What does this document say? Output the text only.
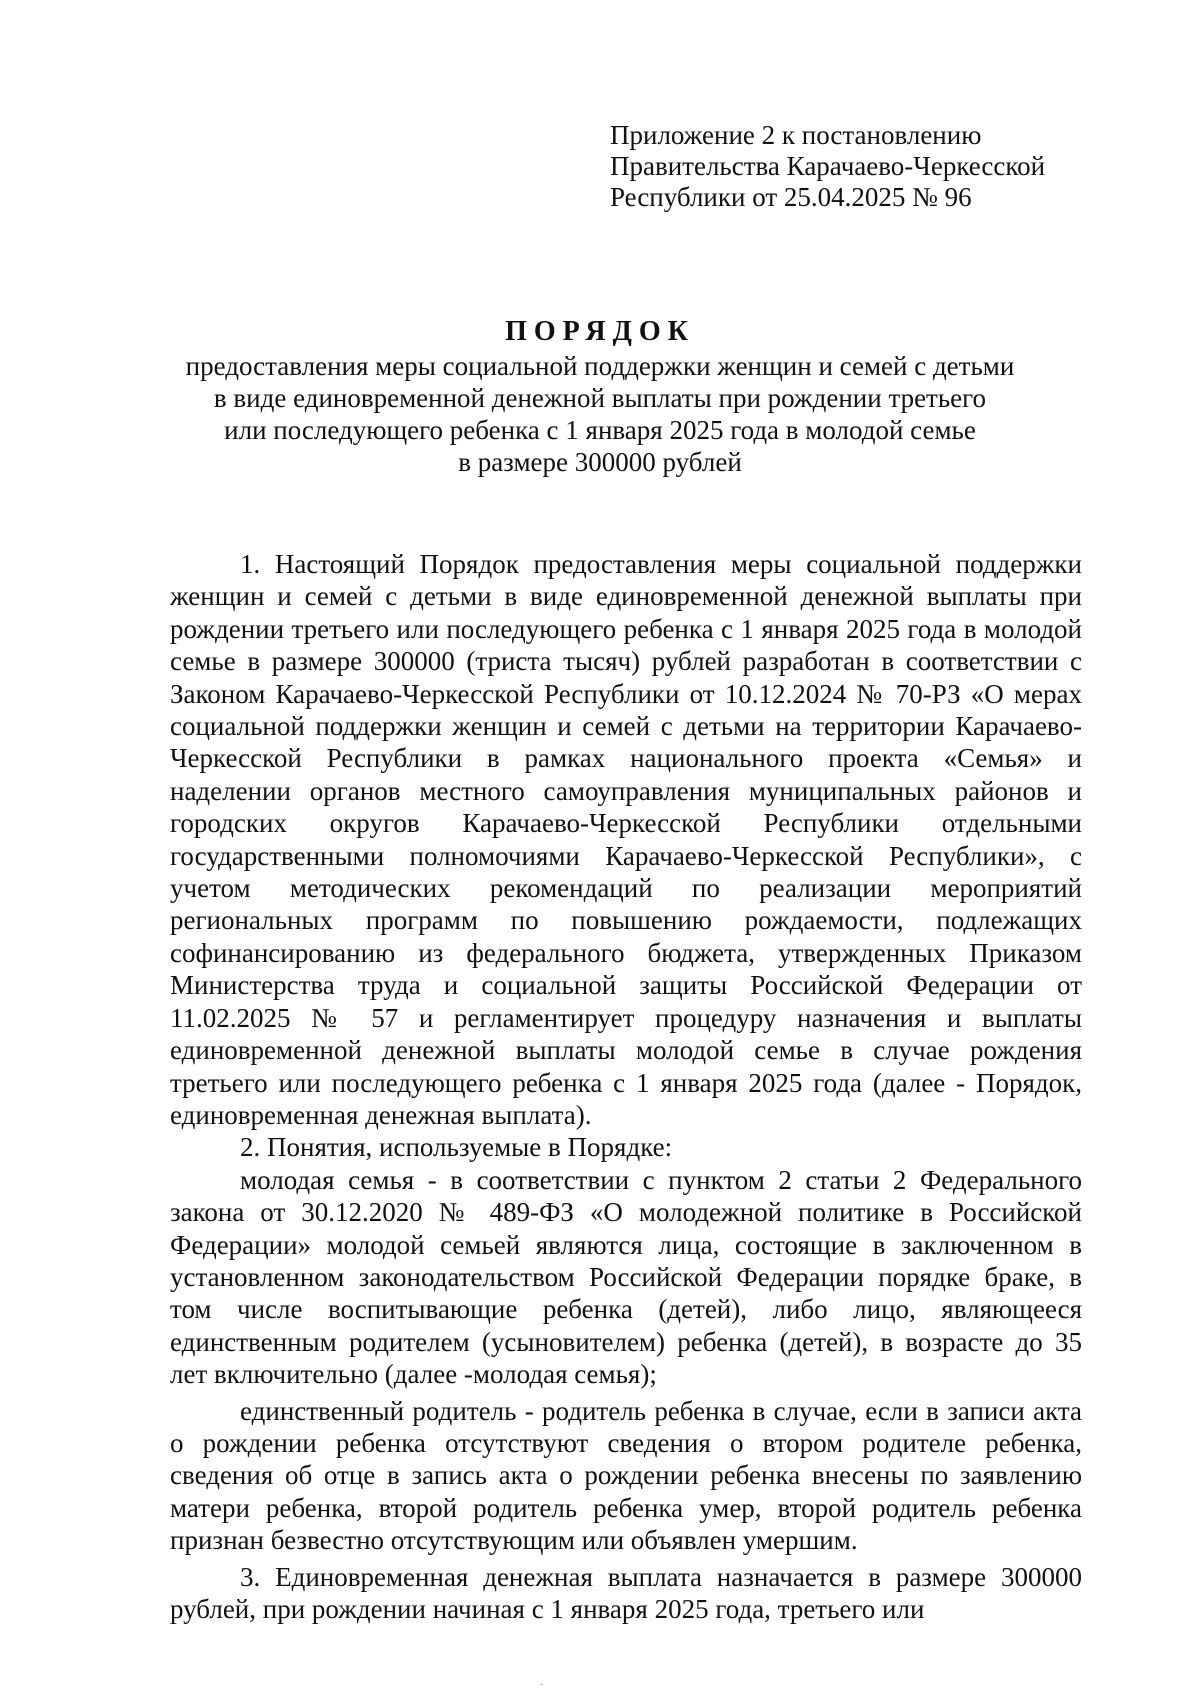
Приложение 2 к постановлению
Правительства Карачаево-Черкесской
Республики от 25.04.2025 № 96
ПОРЯДОК
предоставления меры социальной поддержки женщин и семей с детьми
в виде единовременной денежной выплаты при рождении третьего
или последующего ребенка с 1 января 2025 года в молодой семье
в размере 300000 рублей

1. Настоящий Порядок предоставления меры социальной поддержки женщин и семей с детьми в виде единовременной денежной выплаты при рождении третьего или последующего ребенка с 1 января 2025 года в молодой семье в размере 300000 (триста тысяч) рублей разработан в соответствии с Законом Карачаево-Черкесской Республики от 10.12.2024 № 70-РЗ «О мерах социальной поддержки женщин и семей с детьми на территории Карачаево-Черкесской Республики в рамках национального проекта «Семья» и наделении органов местного самоуправления муниципальных районов и городских округов Карачаево-Черкесской Республики отдельными государственными полномочиями Карачаево-Черкесской Республики», с учетом методических рекомендаций по реализации мероприятий региональных программ по повышению рождаемости, подлежащих софинансированию из федерального бюджета, утвержденных Приказом Министерства труда и социальной защиты Российской Федерации от 11.02.2025 № 57 и регламентирует процедуру назначения и выплаты единовременной денежной выплаты молодой семье в случае рождения третьего или последующего ребенка с 1 января 2025 года (далее - Порядок, единовременная денежная выплата).

2. Понятия, используемые в Порядке:

молодая семья - в соответствии с пунктом 2 статьи 2 Федерального закона от 30.12.2020 № 489-ФЗ «О молодежной политике в Российской Федерации» молодой семьей являются лица, состоящие в заключенном в установленном законодательством Российской Федерации порядке браке, в том числе воспитывающие ребенка (детей), либо лицо, являющееся единственным родителем (усыновителем) ребенка (детей), в возрасте до 35 лет включительно (далее -молодая семья);

единственный родитель - родитель ребенка в случае, если в записи акта о рождении ребенка отсутствуют сведения о втором родителе ребенка, сведения об отце в запись акта о рождении ребенка внесены по заявлению матери ребенка, второй родитель ребенка умер, второй родитель ребенка признан безвестно отсутствующим или объявлен умершим.

3. Единовременная денежная выплата назначается в размере 300000 рублей, при рождении начиная с 1 января 2025 года, третьего или

·
